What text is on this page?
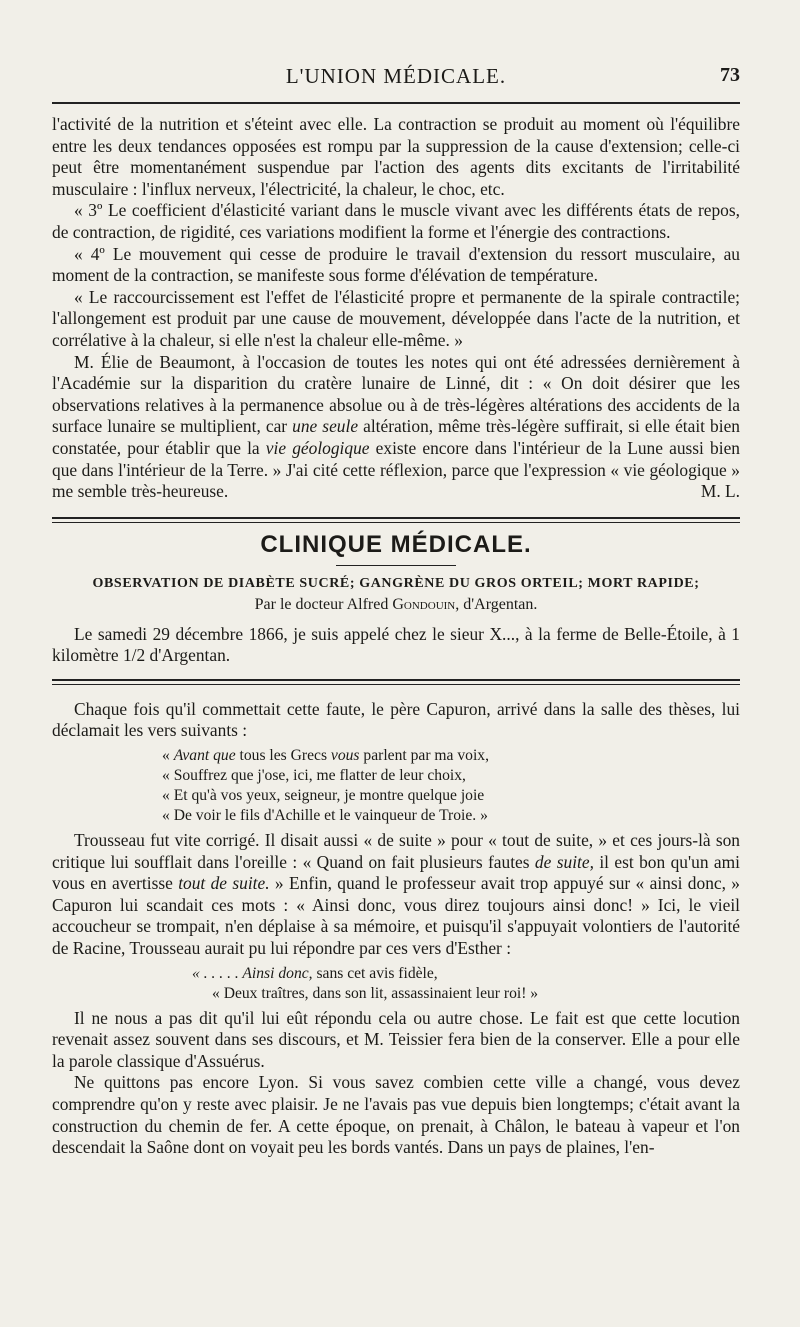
L'UNION MÉDICALE.	73

l'activité de la nutrition et s'éteint avec elle. La contraction se produit au moment où l'équilibre entre les deux tendances opposées est rompu par la suppression de la cause d'extension; celle-ci peut être momentanément suspendue par l'action des agents dits excitants de l'irritabilité musculaire : l'influx nerveux, l'électricité, la chaleur, le choc, etc.

« 3º Le coefficient d'élasticité variant dans le muscle vivant avec les différents états de repos, de contraction, de rigidité, ces variations modifient la forme et l'énergie des contractions.

« 4º Le mouvement qui cesse de produire le travail d'extension du ressort musculaire, au moment de la contraction, se manifeste sous forme d'élévation de température.

« Le raccourcissement est l'effet de l'élasticité propre et permanente de la spirale contractile; l'allongement est produit par une cause de mouvement, développée dans l'acte de la nutrition, et corrélative à la chaleur, si elle n'est la chaleur elle-même. »

M. Élie de Beaumont, à l'occasion de toutes les notes qui ont été adressées dernièrement à l'Académie sur la disparition du cratère lunaire de Linné, dit : « On doit désirer que les observations relatives à la permanence absolue ou à de très-légères altérations des accidents de la surface lunaire se multiplient, car une seule altération, même très-légère suffirait, si elle était bien constatée, pour établir que la vie géologique existe encore dans l'intérieur de la Lune aussi bien que dans l'intérieur de la Terre. » J'ai cité cette réflexion, parce que l'expression « vie géologique » me semble très-heureuse.	M. L.

CLINIQUE MÉDICALE.
OBSERVATION DE DIABÈTE SUCRÉ; GANGRÈNE DU GROS ORTEIL; MORT RAPIDE;
Par le docteur Alfred Gondouin, d'Argentan.

Le samedi 29 décembre 1866, je suis appelé chez le sieur X..., à la ferme de Belle-Étoile, à 1 kilomètre 1/2 d'Argentan.

Chaque fois qu'il commettait cette faute, le père Capuron, arrivé dans la salle des thèses, lui déclamait les vers suivants :

« Avant que tous les Grecs vous parlent par ma voix,
« Souffrez que j'ose, ici, me flatter de leur choix,
« Et qu'à vos yeux, seigneur, je montre quelque joie
« De voir le fils d'Achille et le vainqueur de Troie. »

Trousseau fut vite corrigé. Il disait aussi « de suite » pour « tout de suite, » et ces jours-là son critique lui soufflait dans l'oreille : « Quand on fait plusieurs fautes de suite, il est bon qu'un ami vous en avertisse tout de suite. » Enfin, quand le professeur avait trop appuyé sur « ainsi donc, » Capuron lui scandait ces mots : « Ainsi donc, vous direz toujours ainsi donc! » Ici, le vieil accoucheur se trompait, n'en déplaise à sa mémoire, et puisqu'il s'appuyait volontiers de l'autorité de Racine, Trousseau aurait pu lui répondre par ces vers d'Esther :

« . . . . . Ainsi donc, sans cet avis fidèle,
« Deux traîtres, dans son lit, assassinaient leur roi! »

Il ne nous a pas dit qu'il lui eût répondu cela ou autre chose. Le fait est que cette locution revenait assez souvent dans ses discours, et M. Teissier fera bien de la conserver. Elle a pour elle la parole classique d'Assuérus.

Ne quittons pas encore Lyon. Si vous savez combien cette ville a changé, vous devez comprendre qu'on y reste avec plaisir. Je ne l'avais pas vue depuis bien longtemps; c'était avant la construction du chemin de fer. A cette époque, on prenait, à Châlon, le bateau à vapeur et l'on descendait la Saône dont on voyait peu les bords vantés. Dans un pays de plaines, l'en-
